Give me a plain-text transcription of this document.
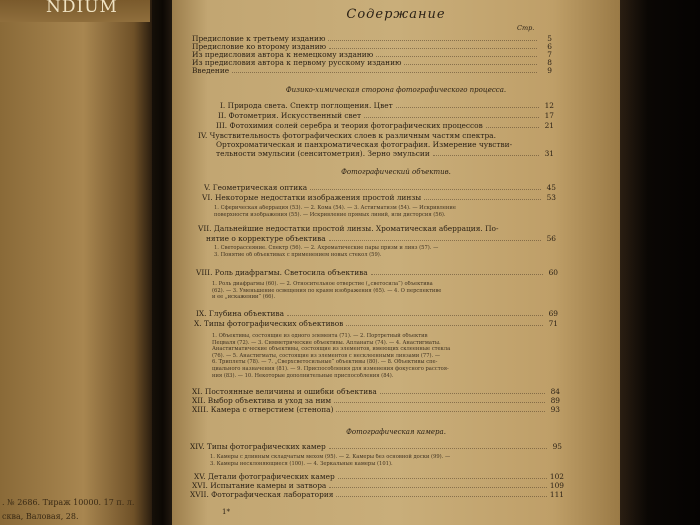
NDIUM
. № 2686. Тираж 10000. 17 п. л.
сква, Валовая, 28.
Содержание
Стр.
Предисловие к третьему изданию	5
Предисловие ко второму изданию	6
Из предисловия автора к немецкому изданию	7
Из предисловия автора к первому русскому изданию	8
Введение	9
Физико-химическая сторона фотографического процесса.
I. Природа света. Спектр поглощения. Цвет	12
II. Фотометрия. Искусственный свет	17
III. Фотохимия солей серебра и теория фотографических процессов	21
IV. Чувствительность фотографических слоев к различным частям спектра.
Ортохроматическая и панхроматическая фотография. Измерение чувстви-
тельности эмульсии (сенситометрия). Зерно эмульсии	31
Фотографический объектив.
V. Геометрическая оптика	45
VI. Некоторые недостатки изображения простой линзы	53
1. Сферическая аберрация (53). — 2. Кома (54). — 3. Астигматизм (54). — Искривление
поверхности изображения (55). — Искривление прямых линий, или дисторсия (56).
VII. Дальнейшие недостатки простой линзы. Хроматическая аберрация. По-
нятие о корректуре объектива	56
1. Светорассеяние. Спектр (56). — 2. Ахроматические пары призм и линз (57). —
3. Понятие об объективах с применением новых стекол (59).
VIII. Роль диафрагмы. Светосила объектива	60
1. Роль диафрагмы (60). — 2. Относительное отверстие („светосила“) объектива
(62). — 3. Уменьшение освещения по краям изображения (65). — 4. О перспективе
и ее „искажении“ (66).
IX. Глубина объектива	69
X. Типы фотографических объективов	71
1. Объективы, состоящие из одного элемента (71). — 2. Портретный объектив
Пецваля (72). — 3. Симметрические объективы. Апланаты (74). — 4. Анастигматы.
Анастигматические объективы, состоящие из элементов, имеющих склеенные стекла
(76). — 5. Анастигматы, состоящие из элементов с несклеенными линзами (77). —
6. Триплеты (78). — 7. „Сверхсветосильные“ объективы (80). — 8. Объективы спе-
циального назначения (81). — 9. Приспособления для изменения фокусного расстоя-
ния (83). — 10. Некоторые дополнительные приспособления (84).
XI. Постоянные величины и ошибки объектива	84
XII. Выбор объектива и уход за ним	89
XIII. Камера с отверстием (стенопа)	93
Фотографическая камера.
XIV. Типы фотографических камер	95
1. Камеры с длинным складчатым мехом (95). — 2. Камеры без основной доски (99). —
3. Камеры несклоняющиеся (100). — 4. Зеркальные камеры (101).
XV. Детали фотографических камер	102
XVI. Испытание камеры и затвора	109
XVII. Фотографическая лаборатория	111
1*
